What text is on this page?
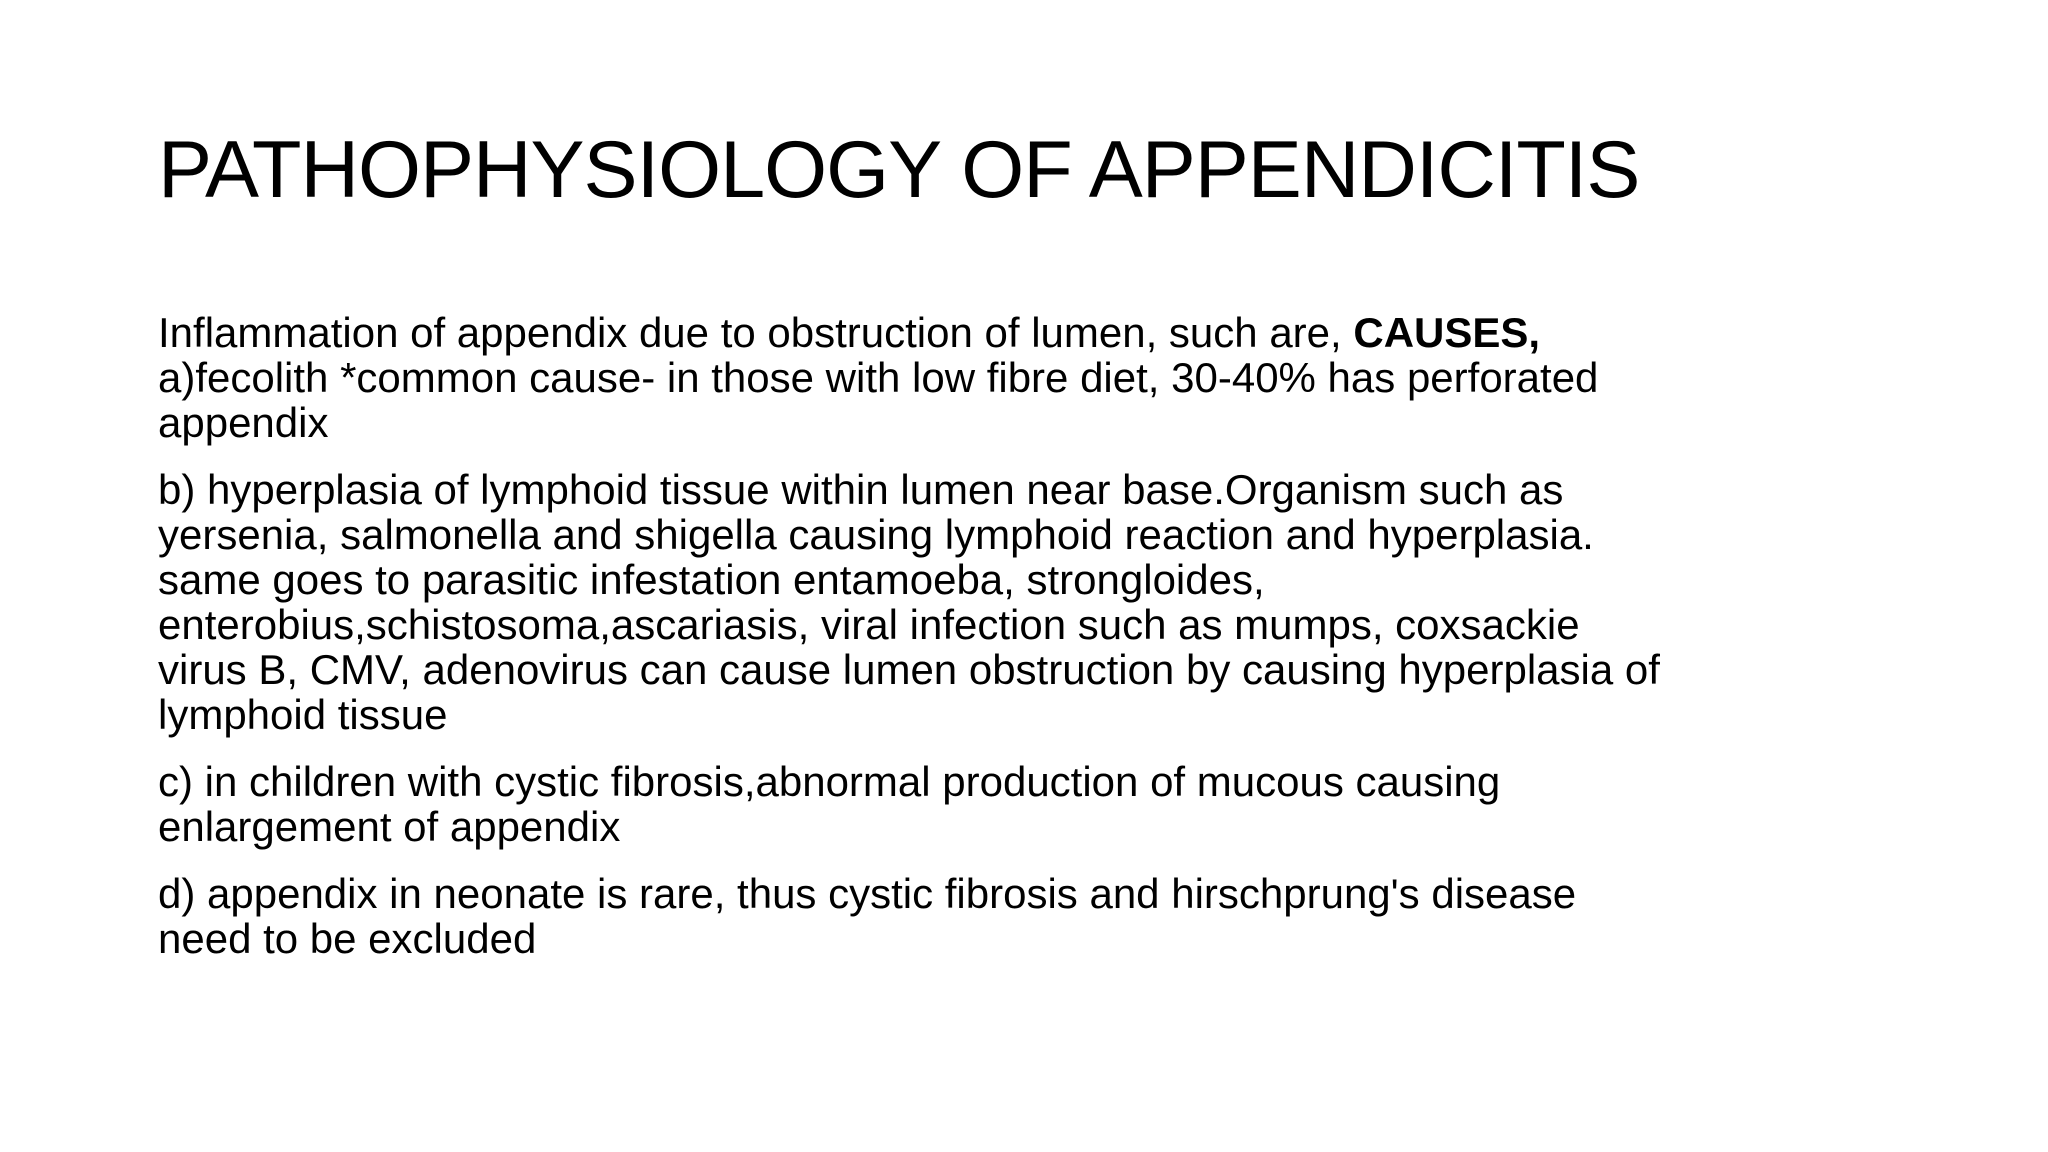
PATHOPHYSIOLOGY OF APPENDICITIS
Inflammation of appendix due to obstruction of lumen, such are, CAUSES,
a)fecolith *common cause- in those with low fibre diet, 30-40% has perforated
appendix
b) hyperplasia of lymphoid tissue within lumen near base.Organism such as
yersenia, salmonella and shigella causing lymphoid reaction and hyperplasia.
same goes to parasitic infestation entamoeba, strongloides,
enterobius,schistosoma,ascariasis, viral infection such as mumps, coxsackie
virus B, CMV, adenovirus can cause lumen obstruction by causing hyperplasia of
lymphoid tissue
c) in children with cystic fibrosis,abnormal production of mucous causing
enlargement of appendix
d) appendix in neonate is rare, thus cystic fibrosis and hirschprung's disease
need to be excluded
